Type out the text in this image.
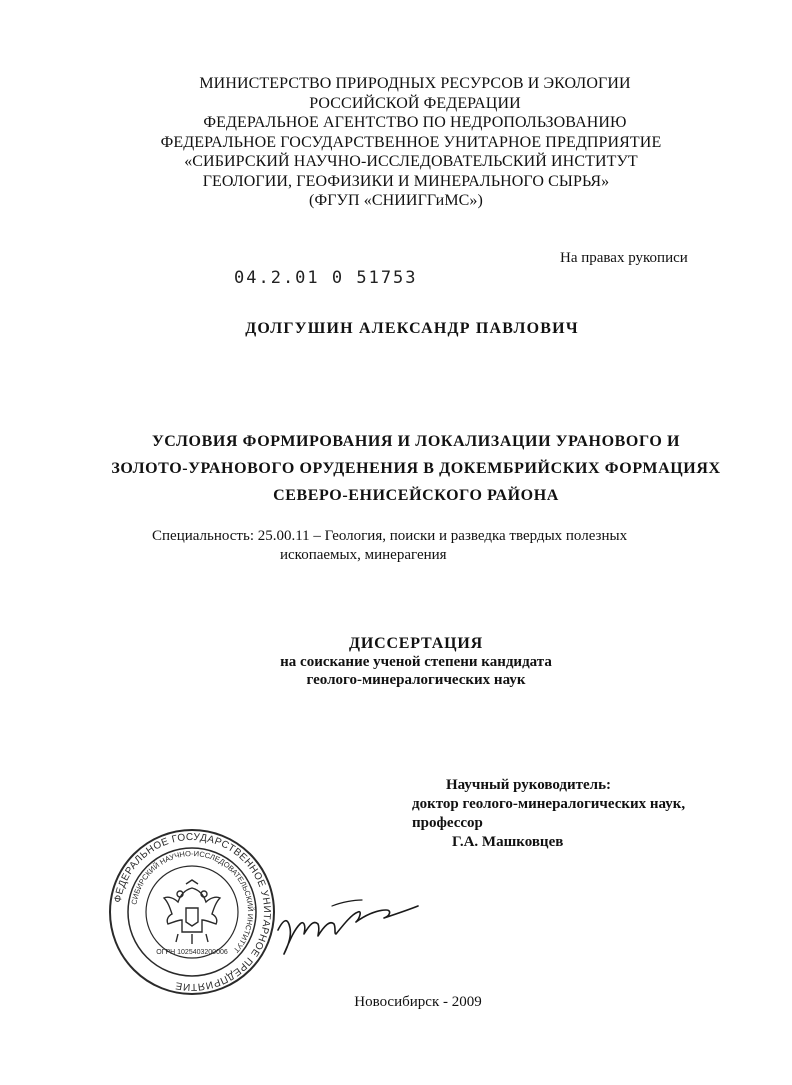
МИНИСТЕРСТВО ПРИРОДНЫХ РЕСУРСОВ И ЭКОЛОГИИ
РОССИЙСКОЙ ФЕДЕРАЦИИ
ФЕДЕРАЛЬНОЕ АГЕНТСТВО ПО НЕДРОПОЛЬЗОВАНИЮ
ФЕДЕРАЛЬНОЕ ГОСУДАРСТВЕННОЕ УНИТАРНОЕ ПРЕДПРИЯТИЕ
«СИБИРСКИЙ НАУЧНО-ИССЛЕДОВАТЕЛЬСКИЙ ИНСТИТУТ
ГЕОЛОГИИ, ГЕОФИЗИКИ И МИНЕРАЛЬНОГО СЫРЬЯ»
(ФГУП «СНИИГГиМС»)
На правах рукописи
04.2.01 0 51753
ДОЛГУШИН АЛЕКСАНДР ПАВЛОВИЧ
УСЛОВИЯ ФОРМИРОВАНИЯ И ЛОКАЛИЗАЦИИ УРАНОВОГО И
ЗОЛОТО-УРАНОВОГО ОРУДЕНЕНИЯ В ДОКЕМБРИЙСКИХ ФОРМАЦИЯХ
СЕВЕРО-ЕНИСЕЙСКОГО РАЙОНА
Специальность: 25.00.11 – Геология, поиски и разведка твердых полезных
ископаемых, минерагения
ДИССЕРТАЦИЯ
на соискание ученой степени кандидата
геолого-минералогических наук
Научный руководитель:
доктор геолого-минералогических наук,
профессор
Г.А. Машковцев
ФЕДЕРАЛЬНОЕ ГОСУДАРСТВЕННОЕ УНИТАРНОЕ ПРЕДПРИЯТИЕ
СИБИРСКИЙ НАУЧНО-ИССЛЕДОВАТЕЛЬСКИЙ ИНСТИТУТ
ОГРН 1025403200006
Новосибирск - 2009
